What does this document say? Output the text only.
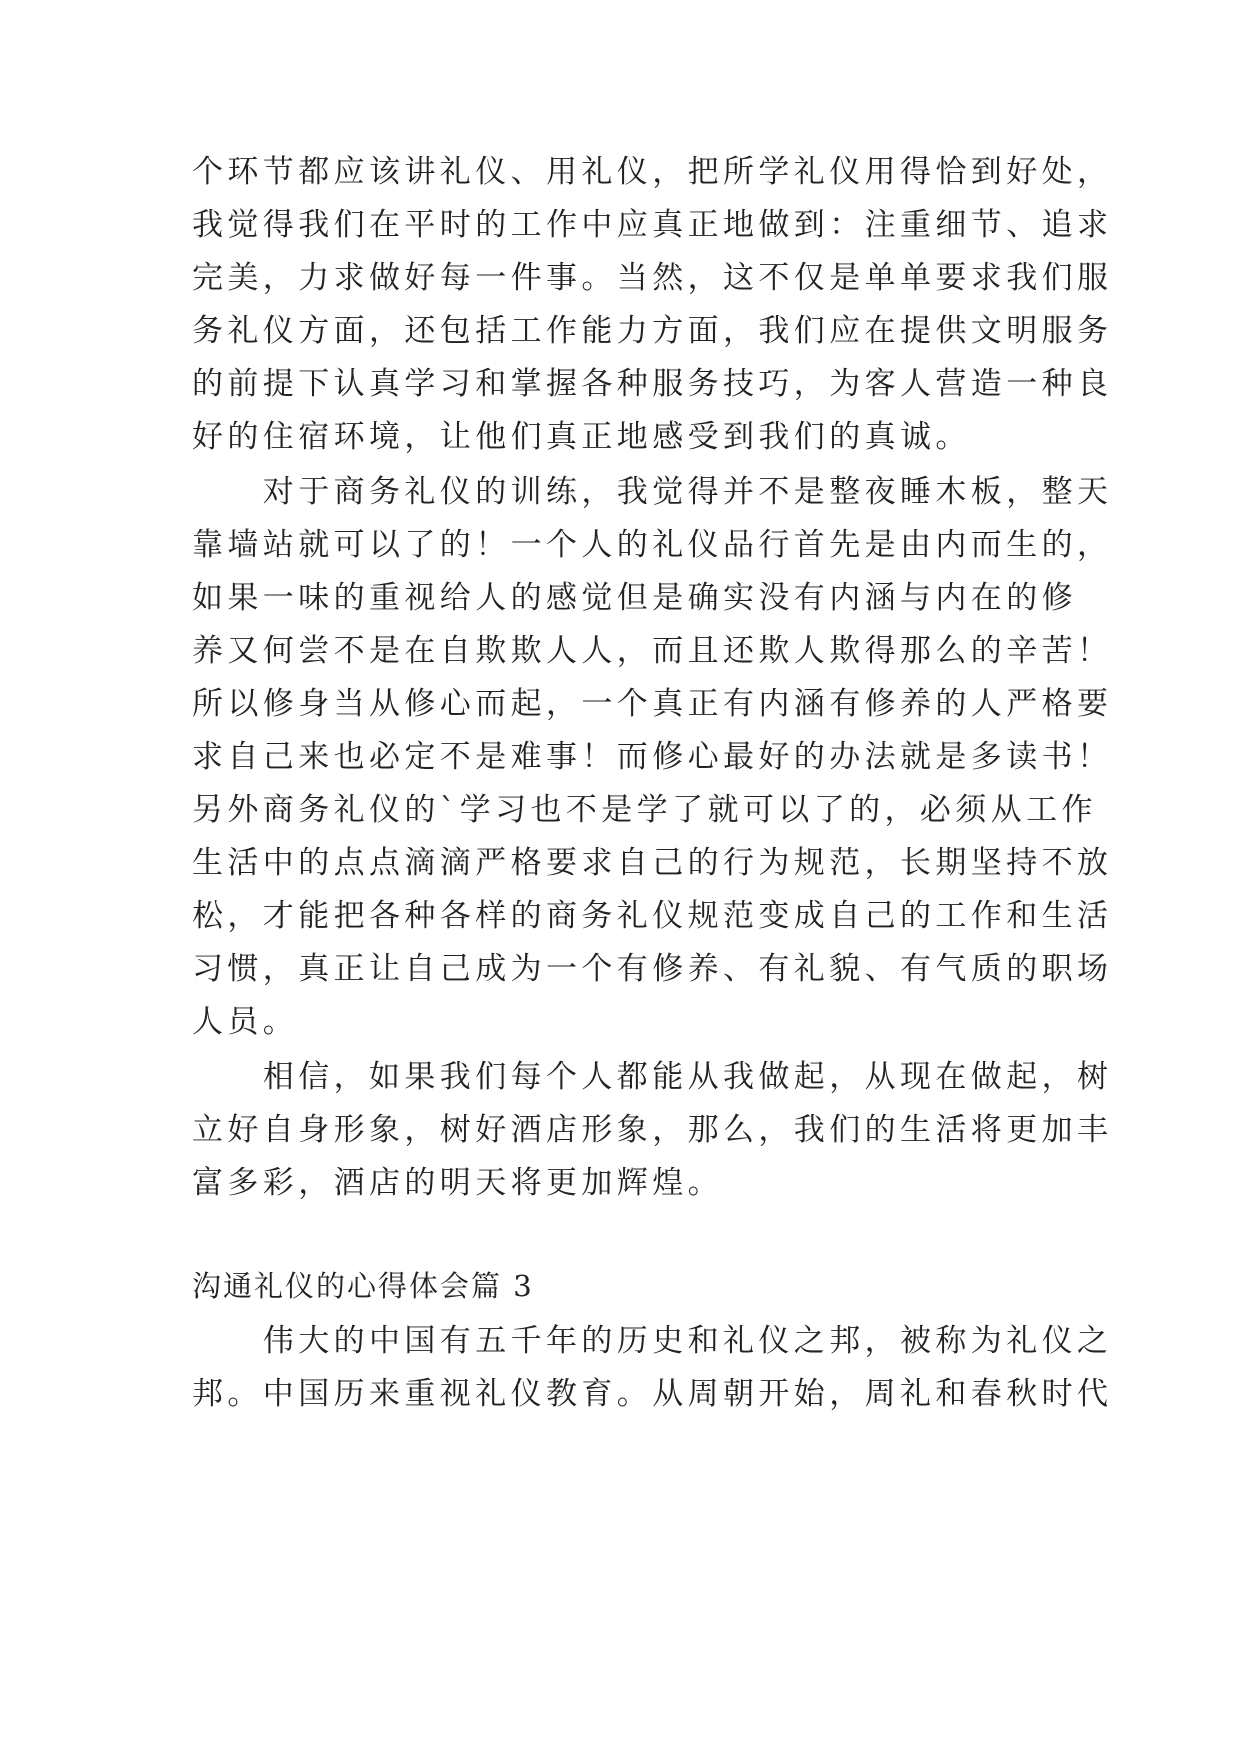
个环节都应该讲礼仪、用礼仪，把所学礼仪用得恰到好处，
我觉得我们在平时的工作中应真正地做到：注重细节、追求
完美，力求做好每一件事。当然，这不仅是单单要求我们服
务礼仪方面，还包括工作能力方面，我们应在提供文明服务
的前提下认真学习和掌握各种服务技巧，为客人营造一种良
好的住宿环境，让他们真正地感受到我们的真诚。
　　对于商务礼仪的训练，我觉得并不是整夜睡木板，整天
靠墙站就可以了的！一个人的礼仪品行首先是由内而生的，
如果一味的重视给人的感觉但是确实没有内涵与内在的修
养又何尝不是在自欺欺人人，而且还欺人欺得那么的辛苦！
所以修身当从修心而起，一个真正有内涵有修养的人严格要
求自己来也必定不是难事！而修心最好的办法就是多读书！
另外商务礼仪的`学习也不是学了就可以了的，必须从工作
生活中的点点滴滴严格要求自己的行为规范，长期坚持不放
松，才能把各种各样的商务礼仪规范变成自己的工作和生活
习惯，真正让自己成为一个有修养、有礼貌、有气质的职场
人员。
　　相信，如果我们每个人都能从我做起，从现在做起，树
立好自身形象，树好酒店形象，那么，我们的生活将更加丰
富多彩，酒店的明天将更加辉煌。
沟通礼仪的心得体会篇 3
　　伟大的中国有五千年的历史和礼仪之邦，被称为礼仪之
邦。中国历来重视礼仪教育。从周朝开始，周礼和春秋时代
